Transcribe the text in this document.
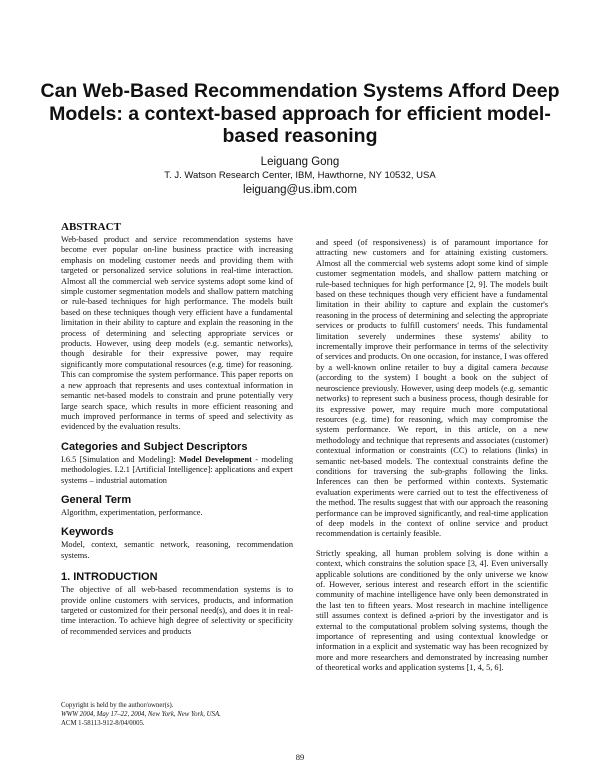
Can Web-Based Recommendation Systems Afford Deep Models: a context-based approach for efficient model-based reasoning
Leiguang Gong
T. J. Watson Research Center, IBM, Hawthorne, NY 10532, USA
leiguang@us.ibm.com
ABSTRACT

Web-based product and service recommendation systems have become ever popular on-line business practice with increasing emphasis on modeling customer needs and providing them with targeted or personalized service solutions in real-time interaction. Almost all the commercial web service systems adopt some kind of simple customer segmentation models and shallow pattern matching or rule-based techniques for high performance. The models built based on these techniques though very efficient have a fundamental limitation in their ability to capture and explain the reasoning in the process of determining and selecting appropriate services or products. However, using deep models (e.g. semantic networks), though desirable for their expressive power, may require significantly more computational resources (e.g. time) for reasoning. This can compromise the system performance. This paper reports on a new approach that represents and uses contextual information in semantic net-based models to constrain and prune potentially very large search space, which results in more efficient reasoning and much improved performance in terms of speed and selectivity as evidenced by the evaluation results.

Categories and Subject Descriptors

I.6.5 [Simulation and Modeling]: Model Development - modeling methodologies. I.2.1 [Artificial Intelligence]: applications and expert systems – industrial automation

General Term

Algorithm, experimentation, performance.

Keywords

Model, context, semantic network, reasoning, recommendation systems.

1. INTRODUCTION

The objective of all web-based recommendation systems is to provide online customers with services, products, and information targeted or customized for their personal need(s), and does it in real-time interaction. To achieve high degree of selectivity or specificity of recommended services and products

and speed (of responsiveness) is of paramount importance for attracting new customers and for attaining existing customers. Almost all the commercial web systems adopt some kind of simple customer segmentation models, and shallow pattern matching or rule-based techniques for high performance [2, 9]. The models built based on these techniques though very efficient have a fundamental limitation in their ability to capture and explain the customer's reasoning in the process of determining and selecting the appropriate services or products to fulfill customers' needs. This fundamental limitation severely undermines these systems' ability to incrementally improve their performance in terms of the selectivity of services and products. On one occasion, for instance, I was offered by a well-known online retailer to buy a digital camera because (according to the system) I bought a book on the subject of neuroscience previously. However, using deep models (e.g. semantic networks) to represent such a business process, though desirable for its expressive power, may require much more computational resources (e.g. time) for reasoning, which may compromise the system performance. We report, in this article, on a new methodology and technique that represents and associates (customer) contextual information or constraints (CC) to relations (links) in semantic net-based models. The contextual constraints define the conditions for traversing the sub-graphs following the links. Inferences can then be performed within contexts. Systematic evaluation experiments were carried out to test the effectiveness of the method. The results suggest that with our approach the reasoning performance can be improved significantly, and real-time application of deep models in the context of online service and product recommendation is certainly feasible.

Strictly speaking, all human problem solving is done within a context, which constrains the solution space [3, 4]. Even universally applicable solutions are conditioned by the only universe we know of. However, serious interest and research effort in the scientific community of machine intelligence have only been demonstrated in the last ten to fifteen years. Most research in machine intelligence still assumes context is defined a-priori by the investigator and is external to the computational problem solving systems, though the importance of representing and using contextual knowledge or information in a explicit and systematic way has been recognized by more and more researchers and demonstrated by increasing number of theoretical works and application systems [1, 4, 5, 6].

Copyright is held by the author/owner(s).
WWW 2004, May 17–22, 2004, New York, New York, USA.
ACM 1-58113-912-8/04/0005.
89
